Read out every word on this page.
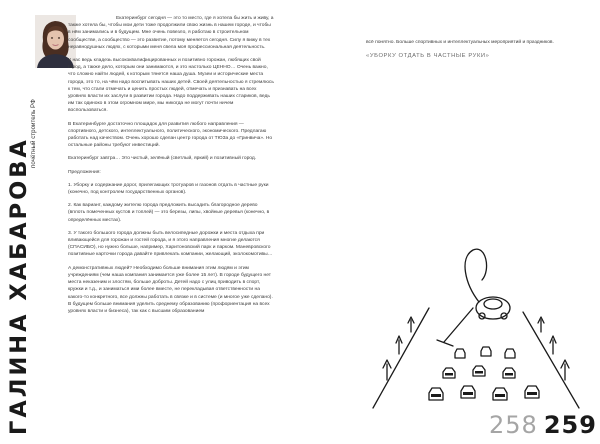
ГАЛИНА ХАБАРОВА
почётный строитель РФ

Екатеринбург сегодня — это то место, где я хотела бы жить и живу, а также хотела бы, чтобы мои дети тоже продолжили свою жизнь в нашем городе, и чтобы в нём занимались и в будущем. Мне очень повезло, я работаю в строительном сообществе, а сообщество — это развитие, потому меняется сегодня. Силу я вижу в тех неравнодушных людях, с которыми меня свела моя профессиональная деятельность.

У нас ведь кладезь высококвалифицированных и позитивно горожан, любящих свой город, а также дело, которым они занимаются, и это настолько ЦЕННО… Очень важно, что сложно найти людей, к которым тянется наша душа. Музеи и исторические места города, это то, на чём надо воспитывать наших детей. Своей деятельностью я стремлюсь к тем, что стали отмечать и ценить простых людей, отмечать и признавать на всех уровнях власти их заслуги в развитии города. Надо поддерживать наших стариков, ведь им так одиноко в этом огромном мире, мы никогда не могут почти ничем воспользоваться.

В Екатеринбурге достаточно площадок для развития любого направления — спортивного, детского, интеллектуального, политического, экономического. Предлагаю работать над качеством. Очень хорошо сделан центр города от ТЮЗа до «Гринвича». Но остальные районы требуют инвестиций.

Екатеринбург завтра… Это чистый, зелёный (светлый, яркий) и позитивный город.

Предложения:

1. Уборку и содержание дорог, прилегающих тротуаров и газонов отдать в частные руки (конечно, под контролем государственных органов).

2. Как вариант, каждому жителю города предложить высадить благородное дерево (вплоть помеченных кустов и топлей) — это березы, липы, хвойные деревья (конечно, в определённых местах).

3. У такого большого города должны быть велосипедные дорожки и места отдыха при вливающейся для горожан и гостей города, и я этого направления многие делаются (СПАСИБО), но нужно больше, например, Харитоновский парк и парком. Маневровского позитивные карточки города давайте привлекать компании, желающий, эколокомотивы…

А демонстративных людей? Необходимо больше внимания этим людям и этим учреждениям (чем наша компания занимается уже более 15 лет). В городе будущего нет места неказеним и злостям, больше доброты. Детей надо с улиц приводить в спорт, кружки и т.д., и заниматься ими более вместе, не перекладывая ответственности на какого-то конкретного, все должны работать в связке и в системе (и многое уже сделано). В будущем больше внимания уделить среднему образованию (профориентация на всех уровнях власти и бизнеса), так как с высшим образованием

всё понятно. Больше спортивных и интеллектуальных мероприятий и праздников.

«УБОРКУ ОТДАТЬ В ЧАСТНЫЕ РУКИ»
258 259
